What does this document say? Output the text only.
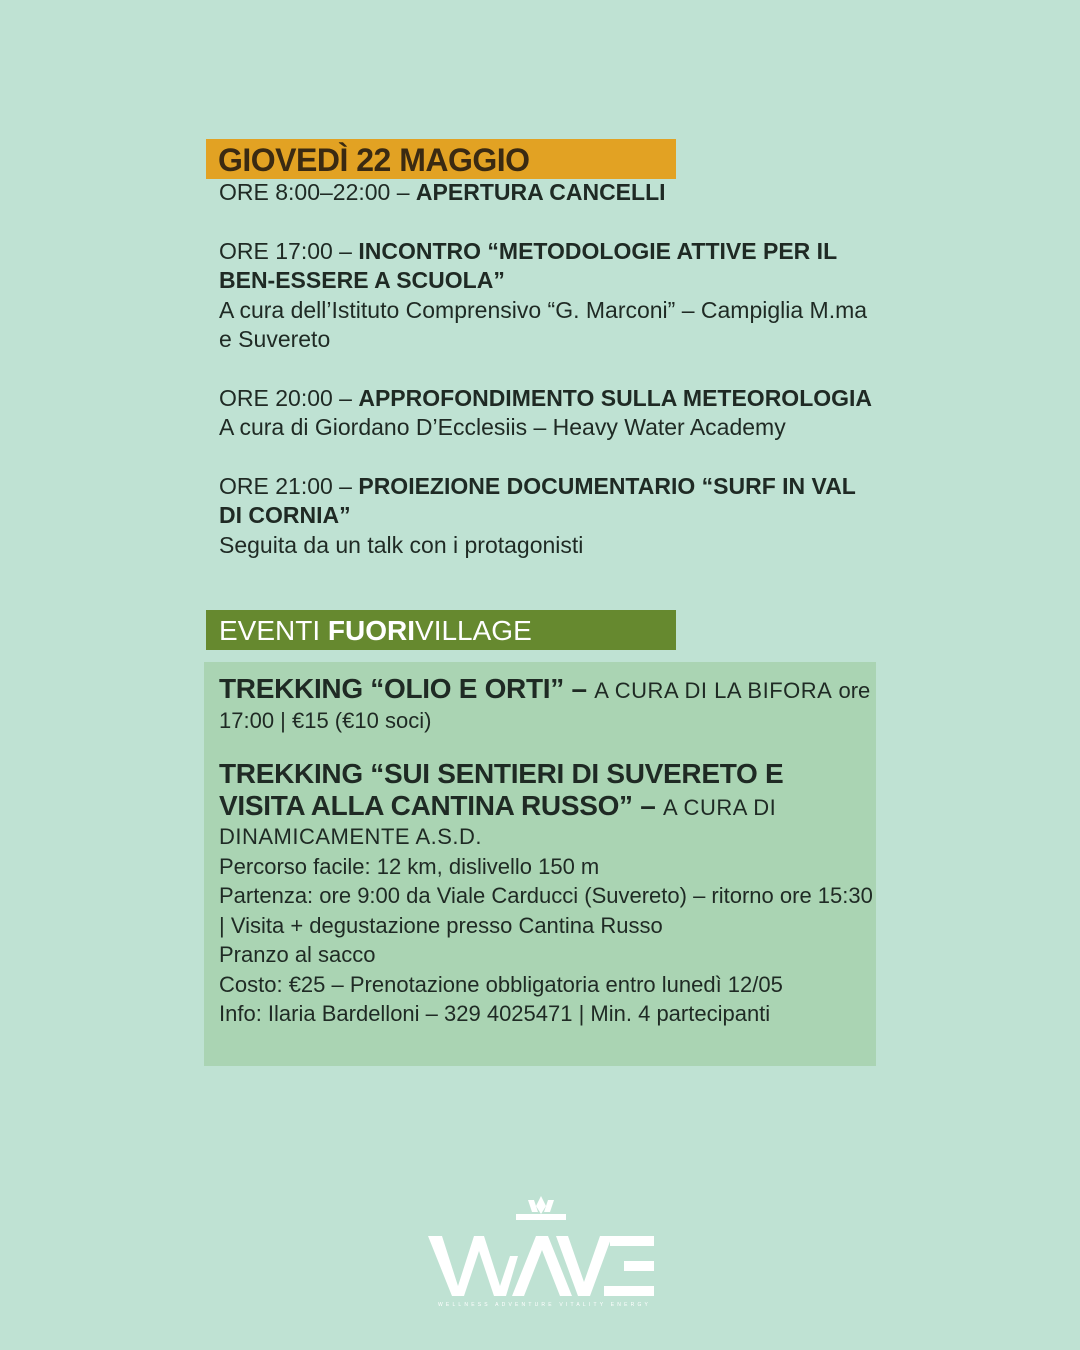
GIOVEDÌ 22 MAGGIO
ORE 8:00–22:00 – APERTURA CANCELLI
ORE 17:00 – INCONTRO “METODOLOGIE ATTIVE PER IL BEN-ESSERE A SCUOLA”
A cura dell’Istituto Comprensivo “G. Marconi” – Campiglia M.ma e Suvereto
ORE 20:00 – APPROFONDIMENTO SULLA METEOROLOGIA
A cura di Giordano D’Ecclesiis – Heavy Water Academy
ORE 21:00 – PROIEZIONE DOCUMENTARIO “SURF IN VAL DI CORNIA”
Seguita da un talk con i protagonisti
EVENTI FUORIVILLAGE
TREKKING “OLIO E ORTI” – A CURA DI LA BIFORA ore 17:00 | €15 (€10 soci)
TREKKING “SUI SENTIERI DI SUVERETO E VISITA ALLA CANTINA RUSSO” – A CURA DI DINAMICAMENTE A.S.D.
Percorso facile: 12 km, dislivello 150 m
Partenza: ore 9:00 da Viale Carducci (Suvereto) – ritorno ore 15:30 | Visita + degustazione presso Cantina Russo
Pranzo al sacco
Costo: €25 – Prenotazione obbligatoria entro lunedì 12/05
Info: Ilaria Bardelloni – 329 4025471 | Min. 4 partecipanti
WELLNESS ADVENTURE VITALITY ENERGY
